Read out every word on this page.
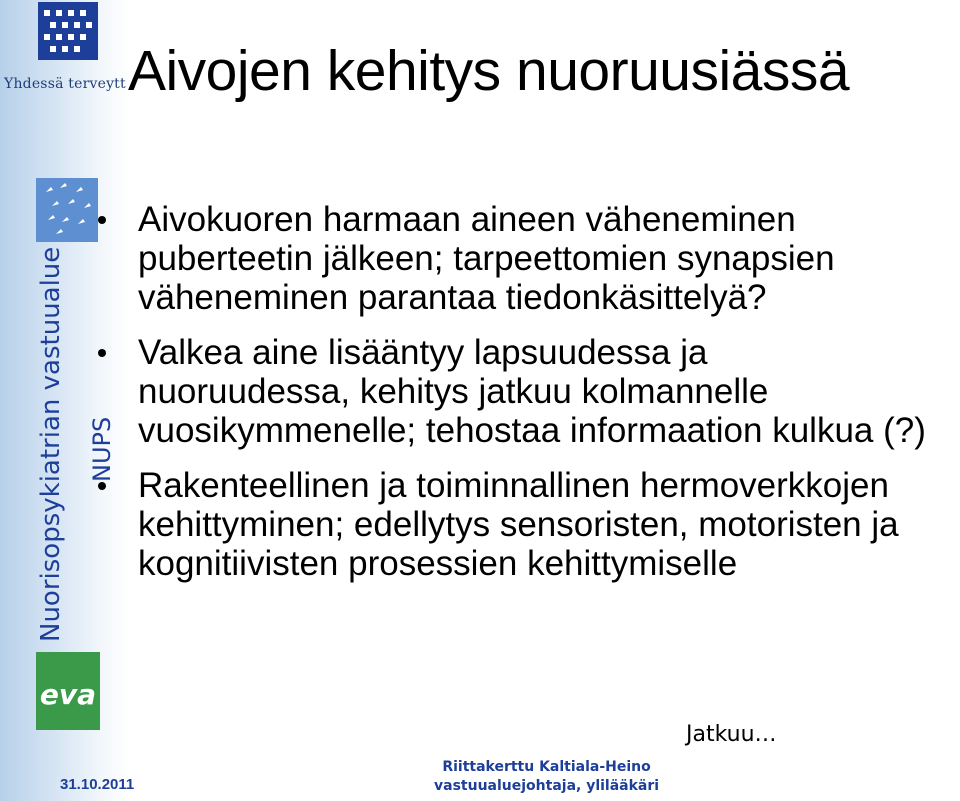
Yhdessä terveytt
Nuorisopsykiatrian vastuualue NUPS
eva
Aivojen kehitys nuoruusiässä
Aivokuoren harmaan aineen väheneminen puberteetin jälkeen; tarpeettomien synapsien väheneminen parantaa tiedonkäsittelyä?
Valkea aine lisääntyy lapsuudessa ja nuoruudessa, kehitys jatkuu kolmannelle vuosikymmenelle; tehostaa informaation kulkua (?)
Rakenteellinen ja toiminnallinen hermoverkkojen kehittyminen; edellytys sensoristen, motoristen ja kognitiivisten prosessien kehittymiselle
Jatkuu…
31.10.2011
Riittakerttu Kaltiala-Heino
vastuualuejohtaja, ylilääkäri
